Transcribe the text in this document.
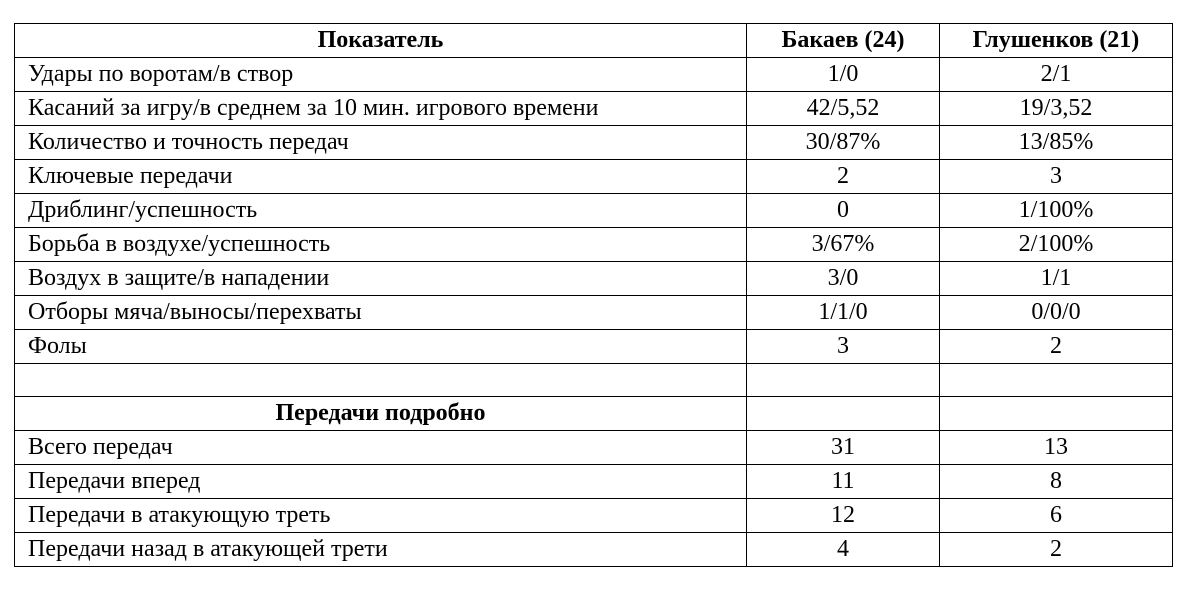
Показатель	Бакаев (24)	Глушенков (21)
Удары по воротам/в створ	1/0	2/1
Касаний за игру/в среднем за 10 мин. игрового времени	42/5,52	19/3,52
Количество и точность передач	30/87%	13/85%
Ключевые передачи	2	3
Дриблинг/успешность	0	1/100%
Борьба в воздухе/успешность	3/67%	2/100%
Воздух в защите/в нападении	3/0	1/1
Отборы мяча/выносы/перехваты	1/1/0	0/0/0
Фолы	3	2

Передачи подробно		
Всего передач	31	13
Передачи вперед	11	8
Передачи в атакующую треть	12	6
Передачи назад в атакующей трети	4	2
